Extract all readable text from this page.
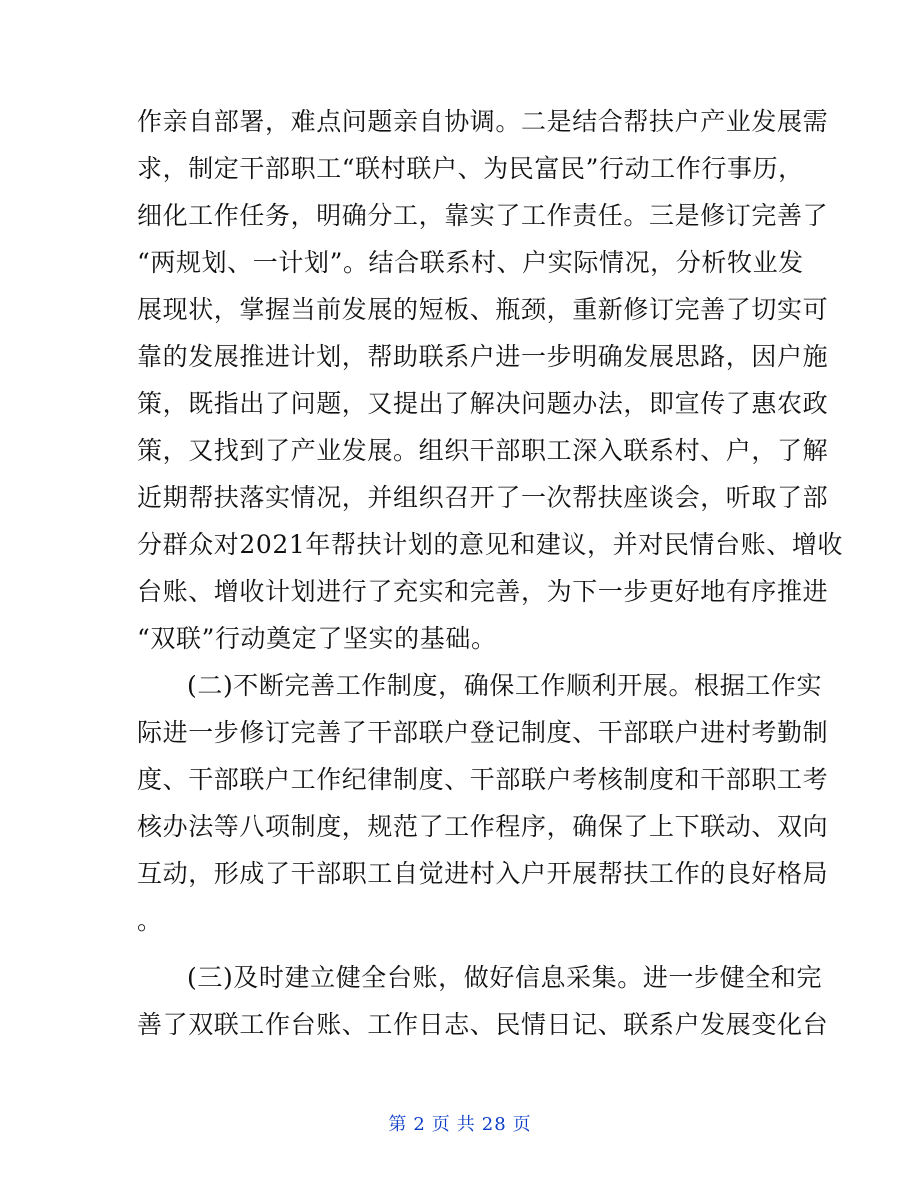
作亲自部署，难点问题亲自协调。二是结合帮扶户产业发展需
求，制定干部职工“联村联户、为民富民”行动工作行事历，
细化工作任务，明确分工，靠实了工作责任。三是修订完善了
“两规划、一计划”。结合联系村、户实际情况，分析牧业发
展现状，掌握当前发展的短板、瓶颈，重新修订完善了切实可
靠的发展推进计划，帮助联系户进一步明确发展思路，因户施
策，既指出了问题，又提出了解决问题办法，即宣传了惠农政
策，又找到了产业发展。组织干部职工深入联系村、户，了解
近期帮扶落实情况，并组织召开了一次帮扶座谈会，听取了部
分群众对2021年帮扶计划的意见和建议，并对民情台账、增收
台账、增收计划进行了充实和完善，为下一步更好地有序推进
“双联”行动奠定了坚实的基础。
(二)不断完善工作制度，确保工作顺利开展。根据工作实
际进一步修订完善了干部联户登记制度、干部联户进村考勤制
度、干部联户工作纪律制度、干部联户考核制度和干部职工考
核办法等八项制度，规范了工作程序，确保了上下联动、双向
互动，形成了干部职工自觉进村入户开展帮扶工作的良好格局
。
(三)及时建立健全台账，做好信息采集。进一步健全和完
善了双联工作台账、工作日志、民情日记、联系户发展变化台
第 2 页 共 28 页
